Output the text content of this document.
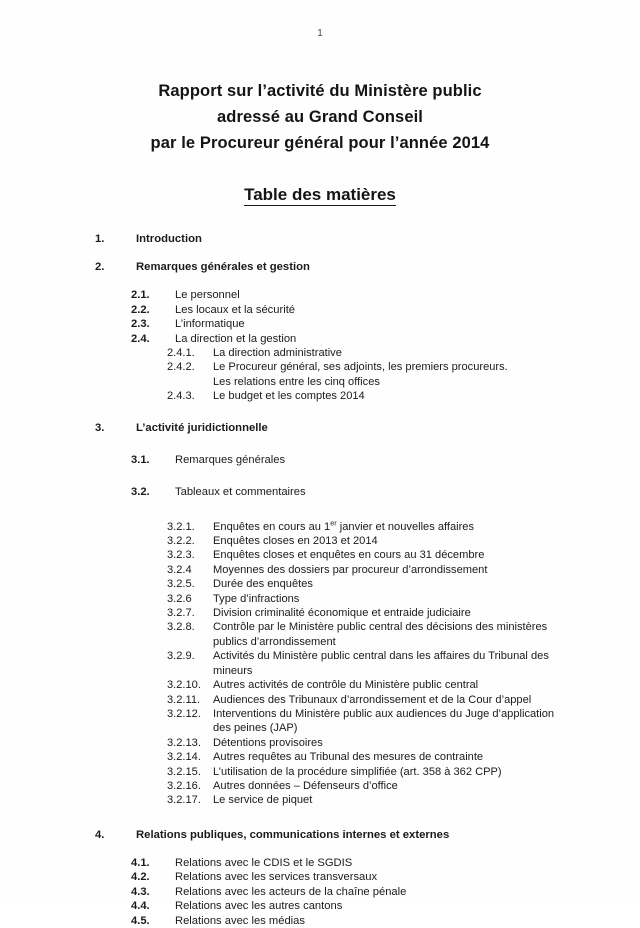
1
Rapport sur l’activité du Ministère public
adressé au Grand Conseil
par le Procureur général pour l’année 2014
Table des matières
1.	Introduction
2.	Remarques générales et gestion
2.1.	Le personnel
2.2.	Les locaux et la sécurité
2.3.	L’informatique
2.4.	La direction et la gestion
2.4.1.	La direction administrative
2.4.2.	Le Procureur général, ses adjoints, les premiers procureurs.
Les relations entre les cinq offices
2.4.3.	Le budget et les comptes 2014
3.	L’activité juridictionnelle
3.1.	Remarques générales
3.2.	Tableaux et commentaires
3.2.1.	Enquêtes en cours au 1er janvier et nouvelles affaires
3.2.2.	Enquêtes closes en 2013 et 2014
3.2.3.	Enquêtes closes et enquêtes en cours au 31 décembre
3.2.4	Moyennes des dossiers par procureur d’arrondissement
3.2.5.	Durée des enquêtes
3.2.6	Type d’infractions
3.2.7.	Division criminalité économique et entraide judiciaire
3.2.8.	Contrôle par le Ministère public central des décisions des ministères
publics d’arrondissement
3.2.9.	Activités du Ministère public central dans les affaires du Tribunal des
mineurs
3.2.10.	Autres activités de contrôle du Ministère public central
3.2.11.	Audiences des Tribunaux d’arrondissement et de la Cour d’appel
3.2.12.	Interventions du Ministère public aux audiences du Juge d’application
des peines (JAP)
3.2.13.	Détentions provisoires
3.2.14.	Autres requêtes au Tribunal des mesures de contrainte
3.2.15.	L’utilisation de la procédure simplifiée (art. 358 à 362 CPP)
3.2.16.	Autres données – Défenseurs d’office
3.2.17.	Le service de piquet
4.	Relations publiques, communications internes et externes
4.1.	Relations avec le CDIS et le SGDIS
4.2.	Relations avec les services transversaux
4.3.	Relations avec les acteurs de la chaîne pénale
4.4.	Relations avec les autres cantons
4.5.	Relations avec les médias
